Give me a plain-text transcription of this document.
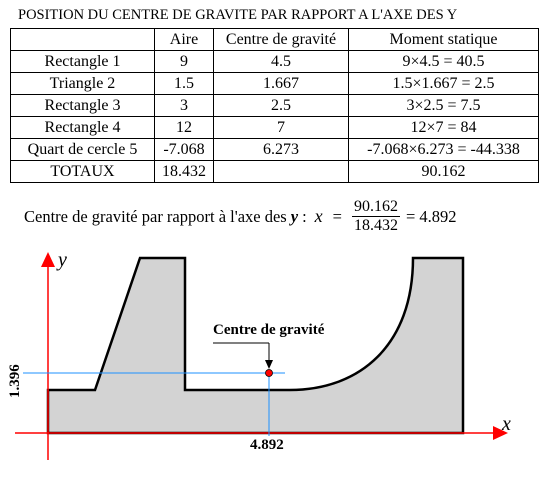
POSITION DU CENTRE DE GRAVITE PAR RAPPORT A L'AXE DES Y
	Aire	Centre de gravité	Moment statique
Rectangle 1	9	4.5	9×4.5 = 40.5
Triangle 2	1.5	1.667	1.5×1.667 = 2.5
Rectangle 3	3	2.5	3×2.5 = 7.5
Rectangle 4	12	7	12×7 = 84
Quart de cercle 5	-7.068	6.273	-7.068×6.273 = -44.338
TOTAUX	18.432		90.162
Centre de gravité par rapport à l'axe des y : $x = \frac{90.162}{18.432} = 4.892$
y
x
Centre de gravité
4.892
1.396
